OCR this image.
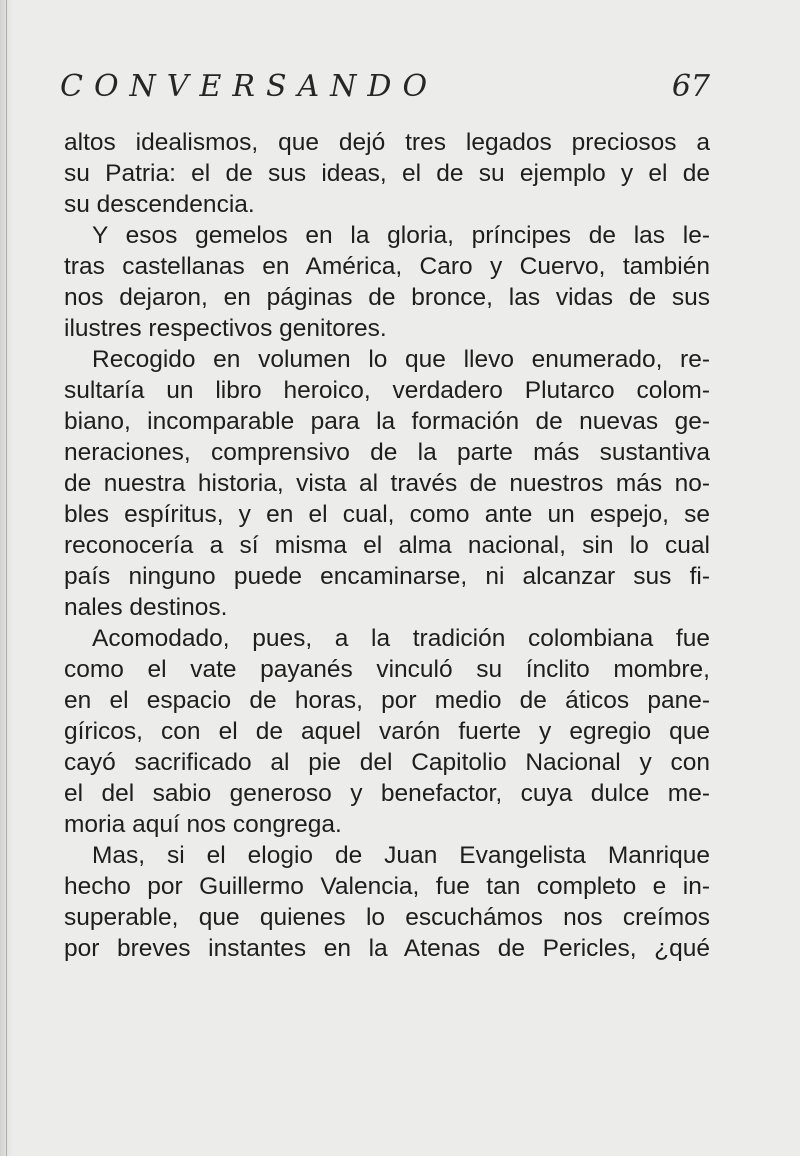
CONVERSANDO	67
altos idealismos, que dejó tres legados preciosos a
su Patria: el de sus ideas, el de su ejemplo y el de
su descendencia.
Y esos gemelos en la gloria, príncipes de las le-
tras castellanas en América, Caro y Cuervo, también
nos dejaron, en páginas de bronce, las vidas de sus
ilustres respectivos genitores.
Recogido en volumen lo que llevo enumerado, re-
sultaría un libro heroico, verdadero Plutarco colom-
biano, incomparable para la formación de nuevas ge-
neraciones, comprensivo de la parte más sustantiva
de nuestra historia, vista al través de nuestros más no-
bles espíritus, y en el cual, como ante un espejo, se
reconocería a sí misma el alma nacional, sin lo cual
país ninguno puede encaminarse, ni alcanzar sus fi-
nales destinos.
Acomodado, pues, a la tradición colombiana fue
como el vate payanés vinculó su ínclito mombre,
en el espacio de horas, por medio de áticos pane-
gíricos, con el de aquel varón fuerte y egregio que
cayó sacrificado al pie del Capitolio Nacional y con
el del sabio generoso y benefactor, cuya dulce me-
moria aquí nos congrega.
Mas, si el elogio de Juan Evangelista Manrique
hecho por Guillermo Valencia, fue tan completo e in-
superable, que quienes lo escuchámos nos creímos
por breves instantes en la Atenas de Pericles, ¿qué
